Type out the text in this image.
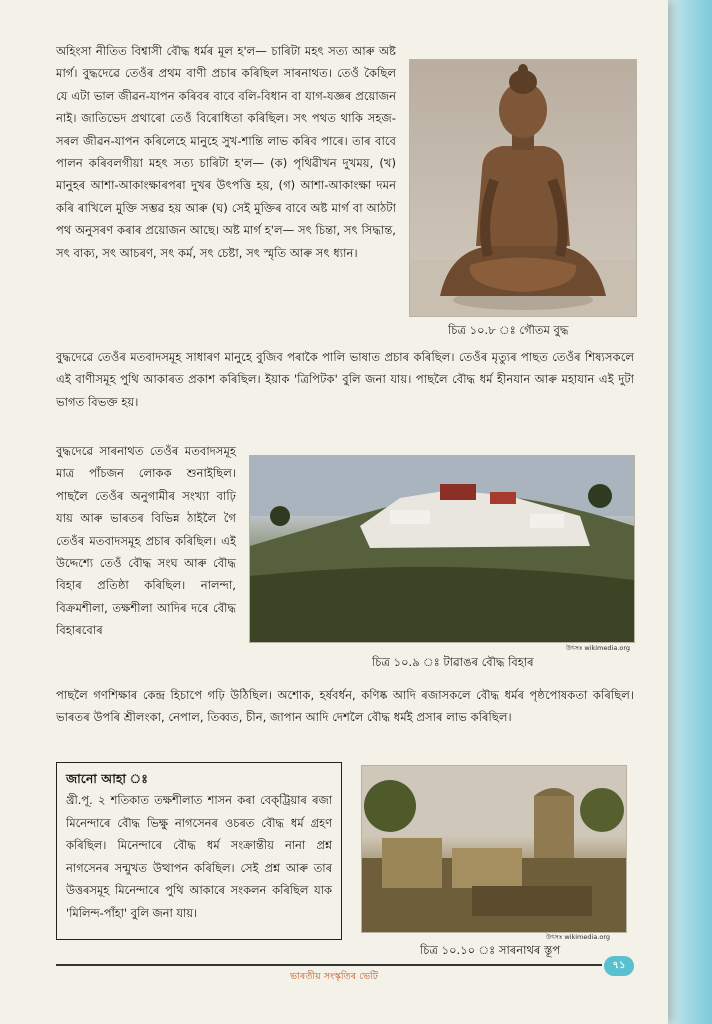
অহিংসা নীতিত বিশ্বাসী বৌদ্ধ ধৰ্মৰ মূল হ'ল— চাৰিটা মহৎ সত্য আৰু অষ্ট মাৰ্গ। বুদ্ধদেৱে তেওঁৰ প্ৰথম বাণী প্ৰচাৰ কৰিছিল সাৰনাথত। তেওঁ কৈছিল যে এটা ভাল জীৱন-যাপন কৰিবৰ বাবে বলি-বিধান বা যাগ-যজ্ঞৰ প্ৰয়োজন নাই। জাতিভেদ প্ৰথাৰো তেওঁ বিৰোধিতা কৰিছিল। সৎ পথত থাকি সহজ-সৰল জীৱন-যাপন কৰিলেহে মানুহে সুখ-শান্তি লাভ কৰিব পাৰে। তাৰ বাবে পালন কৰিবলগীয়া মহৎ সত্য চাৰিটা হ'ল— (ক) পৃথিৱীখন দুখময়, (খ) মানুহৰ আশা-আকাংক্ষাৰপৰা দুখৰ উৎপত্তি হয়, (গ) আশা-আকাংক্ষা দমন কৰি ৰাখিলে মুক্তি সম্ভৱ হয় আৰু (ঘ) সেই মুক্তিৰ বাবে অষ্ট মাৰ্গ বা আঠটা পথ অনুসৰণ কৰাৰ প্ৰয়োজন আছে। অষ্ট মাৰ্গ হ'ল— সৎ চিন্তা, সৎ সিদ্ধান্ত, সৎ বাক্য, সৎ আচৰণ, সৎ কৰ্ম, সৎ চেষ্টা, সৎ স্মৃতি আৰু সৎ ধ্যান।

চিত্ৰ ১০.৮ ঃ গৌতম বুদ্ধ

বুদ্ধদেৱে তেওঁৰ মতবাদসমূহ সাধাৰণ মানুহে বুজিব পৰাকৈ পালি ভাষাত প্ৰচাৰ কৰিছিল। তেওঁৰ মৃত্যুৰ পাছত তেওঁৰ শিষ্যসকলে এই বাণীসমূহ পুথি আকাৰত প্ৰকাশ কৰিছিল। ইয়াক 'ত্ৰিপিটক' বুলি জনা যায়। পাছলৈ বৌদ্ধ ধৰ্ম হীনযান আৰু মহাযান এই দুটা ভাগত বিভক্ত হয়।

বুদ্ধদেৱে সাৰনাথত তেওঁৰ মতবাদসমূহ মাত্ৰ পাঁচজন লোকক শুনাইছিল। পাছলৈ তেওঁৰ অনুগামীৰ সংখ্যা বাঢ়ি যায় আৰু ভাৰতৰ বিভিন্ন ঠাইলৈ গৈ তেওঁৰ মতবাদসমূহ প্ৰচাৰ কৰিছিল। এই উদ্দেশ্যে তেওঁ বৌদ্ধ সংঘ আৰু বৌদ্ধ বিহাৰ প্ৰতিষ্ঠা কৰিছিল। নালন্দা, বিক্ৰমশীলা, তক্ষশীলা আদিৰ দৰে বৌদ্ধ বিহাৰবোৰ

উৎসঃ wikimedia.org
চিত্ৰ ১০.৯ ঃ টাৱাঙৰ বৌদ্ধ বিহাৰ

পাছলৈ গণশিক্ষাৰ কেন্দ্ৰ হিচাপে গঢ়ি উঠিছিল। অশোক, হৰ্ষবৰ্ধন, কণিষ্ক আদি ৰজাসকলে বৌদ্ধ ধৰ্মৰ পৃষ্ঠপোষকতা কৰিছিল। ভাৰতৰ উপৰি শ্ৰীলংকা, নেপাল, তিব্বত, চীন, জাপান আদি দেশলৈ বৌদ্ধ ধৰ্মই প্ৰসাৰ লাভ কৰিছিল।

জানো আহা ঃ
খ্ৰী.পূ. ২ শতিকাত তক্ষশীলাত শাসন কৰা বেক্‌ট্ৰিয়াৰ ৰজা মিনেন্দাৰে বৌদ্ধ ভিক্ষু নাগসেনৰ ওচৰত বৌদ্ধ ধৰ্ম গ্ৰহণ কৰিছিল। মিনেন্দাৰে বৌদ্ধ ধৰ্ম সংক্ৰান্তীয় নানা প্ৰশ্ন নাগসেনৰ সন্মুখত উত্থাপন কৰিছিল। সেই প্ৰশ্ন আৰু তাৰ উত্তৰসমূহ মিনেন্দাৰে পুথি আকাৰে সংকলন কৰিছিল যাক 'মিলিন্দ-পাঁহা' বুলি জনা যায়।
উৎসঃ wikimedia.org
চিত্ৰ ১০.১০ ঃ সাৰনাথৰ স্তূপ
ভাৰতীয় সংস্কৃতিৰ ভেটি
৭১
